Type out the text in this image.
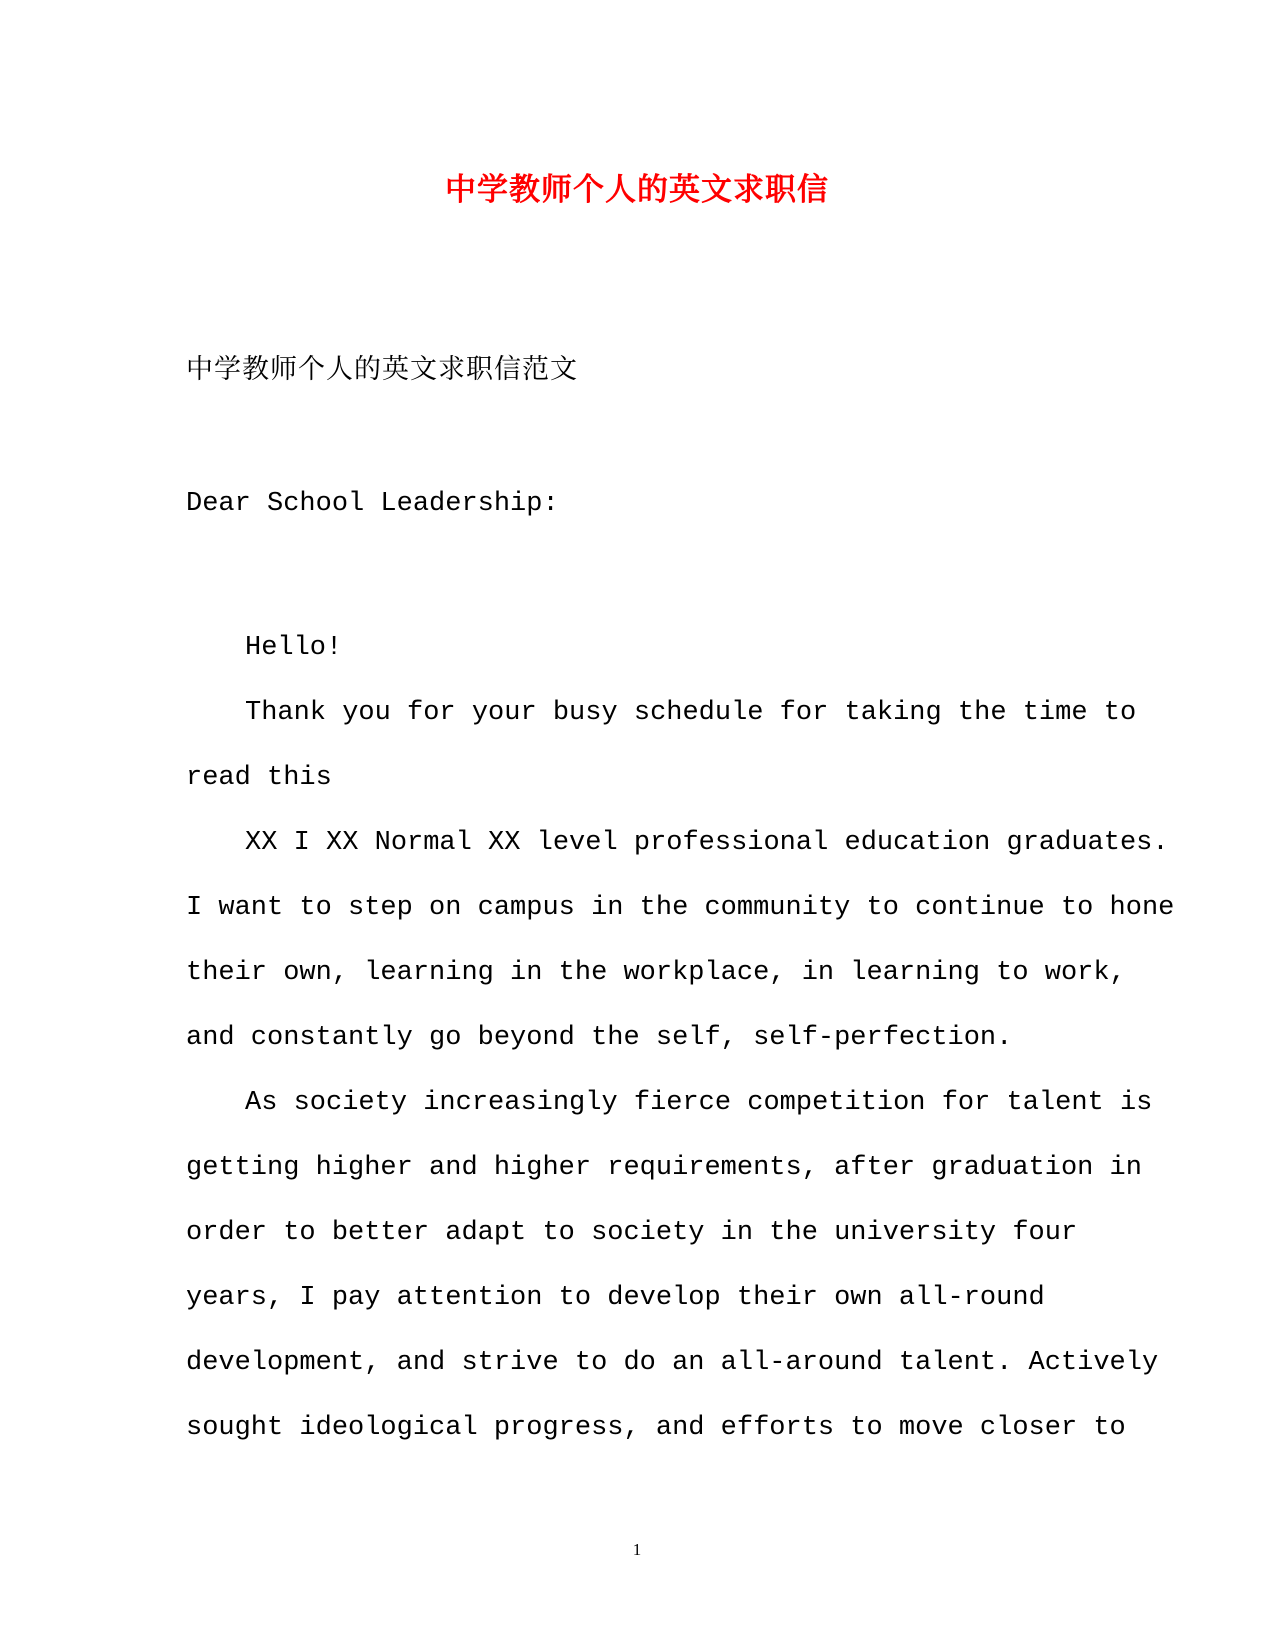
中学教师个人的英文求职信
中学教师个人的英文求职信范文
Dear School Leadership:
Hello!
Thank you for your busy schedule for taking the time to
read this
XX I XX Normal XX level professional education graduates.
I want to step on campus in the community to continue to hone
their own, learning in the workplace, in learning to work,
and constantly go beyond the self, self-perfection.
As society increasingly fierce competition for talent is
getting higher and higher requirements, after graduation in
order to better adapt to society in the university four
years, I pay attention to develop their own all-round
development, and strive to do an all-around talent. Actively
sought ideological progress, and efforts to move closer to
1
